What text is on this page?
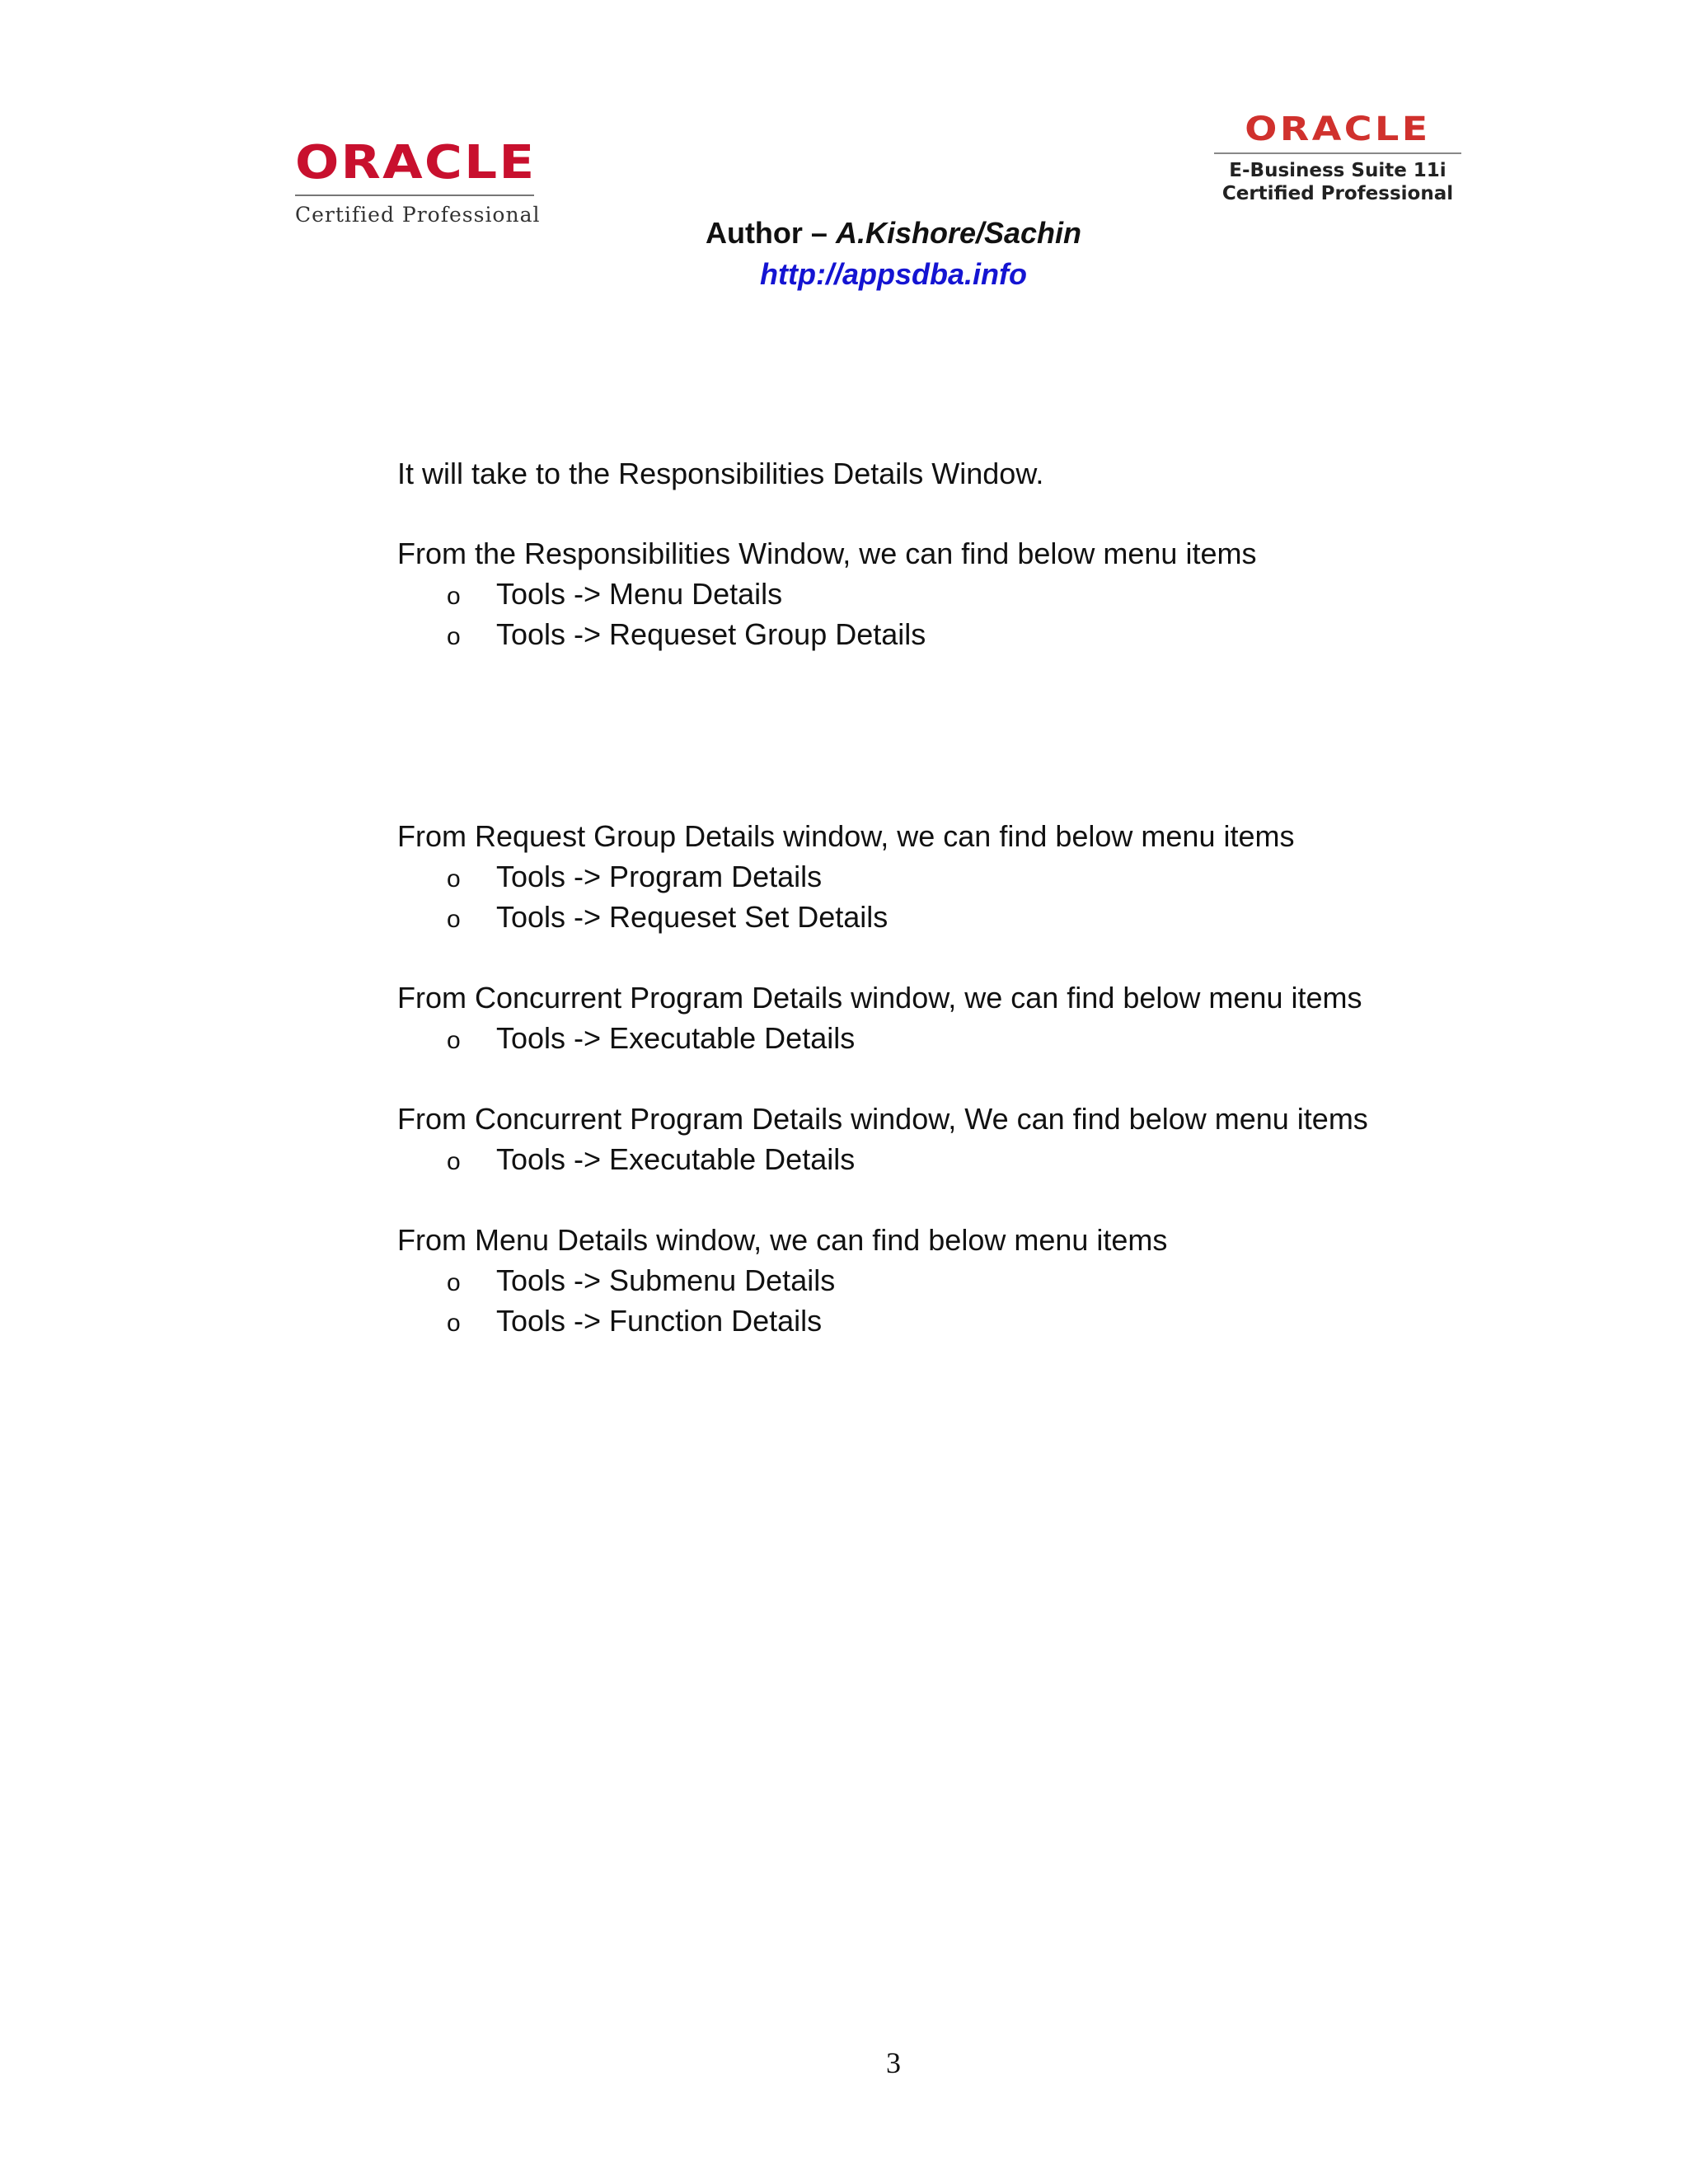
ORACLE
Certified Professional
ORACLE
E-Business Suite 11i
Certified Professional
Author – A.Kishore/Sachin
http://appsdba.info
It will take to the Responsibilities Details Window.
From the Responsibilities Window, we can find below menu items
o Tools -> Menu Details
o Tools -> Requeset Group Details
From Request Group Details window, we can find below menu items
o Tools -> Program Details
o Tools -> Requeset Set Details
From Concurrent Program Details window, we can find below menu items
o Tools -> Executable Details
From Concurrent Program Details window, We can find below menu items
o Tools -> Executable Details
From Menu Details window, we can find below menu items
o Tools -> Submenu Details
o Tools -> Function Details
3
